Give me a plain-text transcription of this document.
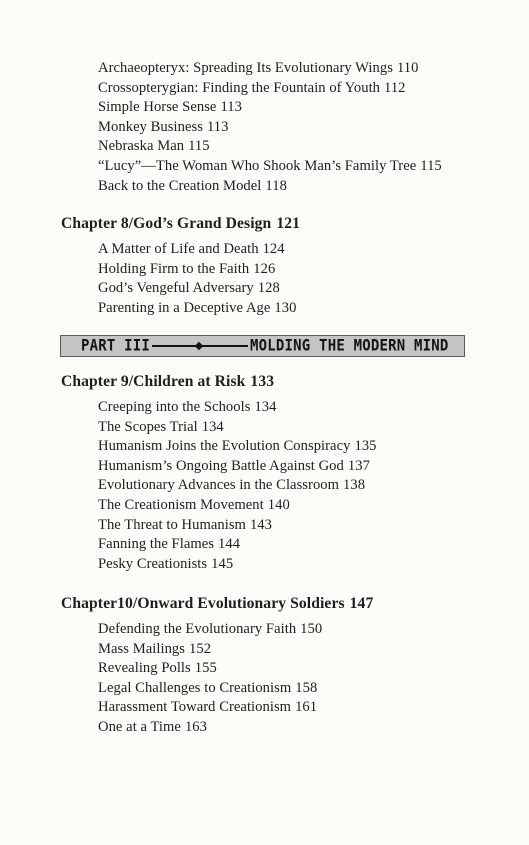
Archaeopteryx: Spreading Its Evolutionary Wings 110
Crossopterygian: Finding the Fountain of Youth 112
Simple Horse Sense 113
Monkey Business 113
Nebraska Man 115
“Lucy”—The Woman Who Shook Man’s Family Tree 115
Back to the Creation Model 118
Chapter 8/God’s Grand Design 121
A Matter of Life and Death 124
Holding Firm to the Faith 126
God’s Vengeful Adversary 128
Parenting in a Deceptive Age 130
PART III	MOLDING THE MODERN MIND
Chapter 9/Children at Risk 133
Creeping into the Schools 134
The Scopes Trial 134
Humanism Joins the Evolution Conspiracy 135
Humanism’s Ongoing Battle Against God 137
Evolutionary Advances in the Classroom 138
The Creationism Movement 140
The Threat to Humanism 143
Fanning the Flames 144
Pesky Creationists 145
Chapter10/Onward Evolutionary Soldiers 147
Defending the Evolutionary Faith 150
Mass Mailings 152
Revealing Polls 155
Legal Challenges to Creationism 158
Harassment Toward Creationism 161
One at a Time 163
